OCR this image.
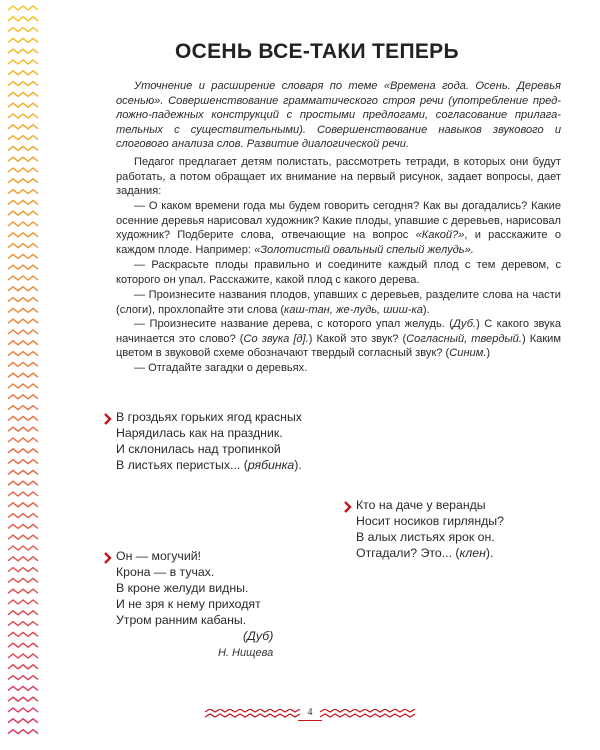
ОСЕНЬ ВСЕ-ТАКИ ТЕПЕРЬ

Уточнение и расширение словаря по теме «Времена года. Осень. Деревья осенью». Совершенствование грамматического строя речи (употребление пред- ложно-падежных конструкций с простыми предлогами, согласование прилага- тельных с существительными). Совершенствование навыков звукового и слогового анализа слов. Развитие диалогической речи.

Педагог предлагает детям полистать, рассмотреть тетради, в которых они будут работать, а потом обращает их внимание на первый рисунок, задает вопросы, дает задания:

— О каком времени года мы будем говорить сегодня? Как вы догадались? Какие осенние деревья нарисовал художник? Какие плоды, упавшие с деревьев, нарисовал художник? Подберите слова, отвечающие на вопрос «Какой?», и расскажите о каждом плоде. Например: «Золотистый овальный спелый желудь».

— Раскрасьте плоды правильно и соедините каждый плод с тем деревом, с которого он упал. Расскажите, какой плод с какого дерева.

— Произнесите названия плодов, упавших с деревьев, разделите слова на части (слоги), прохлопайте эти слова (каш-тан, же-лудь, шиш-ка).

— Произнесите название дерева, с которого упал желудь. (Дуб.) С какого звука начинается это слово? (Со звука [д].) Какой это звук? (Согласный, твердый.) Каким цветом в звуковой схеме обозначают твердый согласный звук? (Синим.)

— Отгадайте загадки о деревьях.

В гроздьях горьких ягод красных
Нарядилась как на праздник.
И склонилась над тропинкой
В листьях перистых... (рябинка).
Кто на даче у веранды
Носит носиков гирлянды?
В алых листьях ярок он.
Отгадали? Это... (клен).
Он — могучий!
Крона — в тучах.
В кроне желуди видны.
И не зря к нему приходят
Утром ранним кабаны.
(Дуб)
Н. Нищева
4
